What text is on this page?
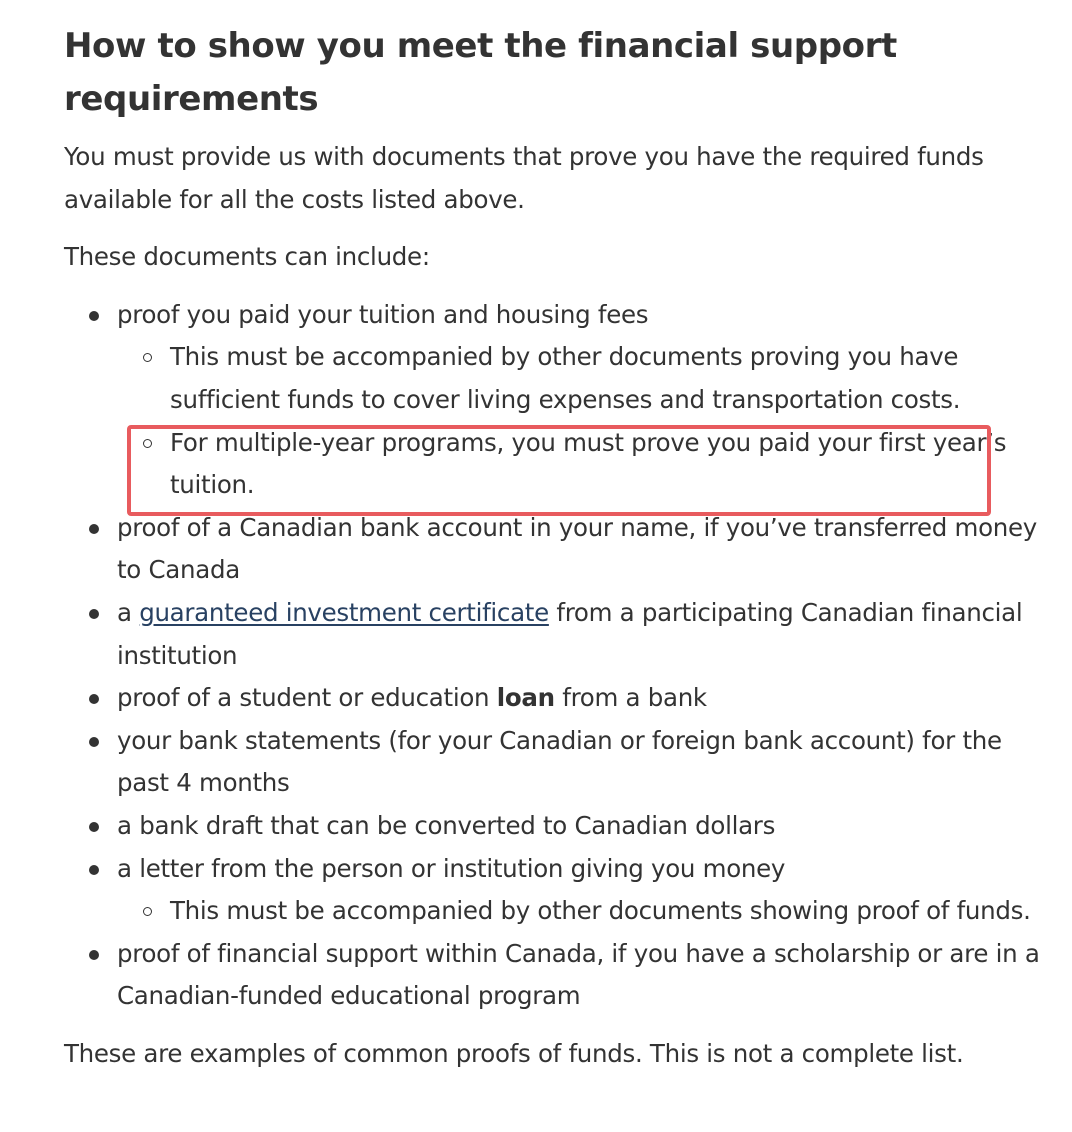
How to show you meet the financial support requirements

You must provide us with documents that prove you have the required funds available for all the costs listed above.

These documents can include:

proof you paid your tuition and housing fees
This must be accompanied by other documents proving you have sufficient funds to cover living expenses and transportation costs.
For multiple-year programs, you must prove you paid your first year’s tuition.
proof of a Canadian bank account in your name, if you’ve transferred money to Canada
a guaranteed investment certificate from a participating Canadian financial institution
proof of a student or education loan from a bank
your bank statements (for your Canadian or foreign bank account) for the past 4 months
a bank draft that can be converted to Canadian dollars
a letter from the person or institution giving you money
This must be accompanied by other documents showing proof of funds.
proof of financial support within Canada, if you have a scholarship or are in a Canadian-funded educational program

These are examples of common proofs of funds. This is not a complete list.
